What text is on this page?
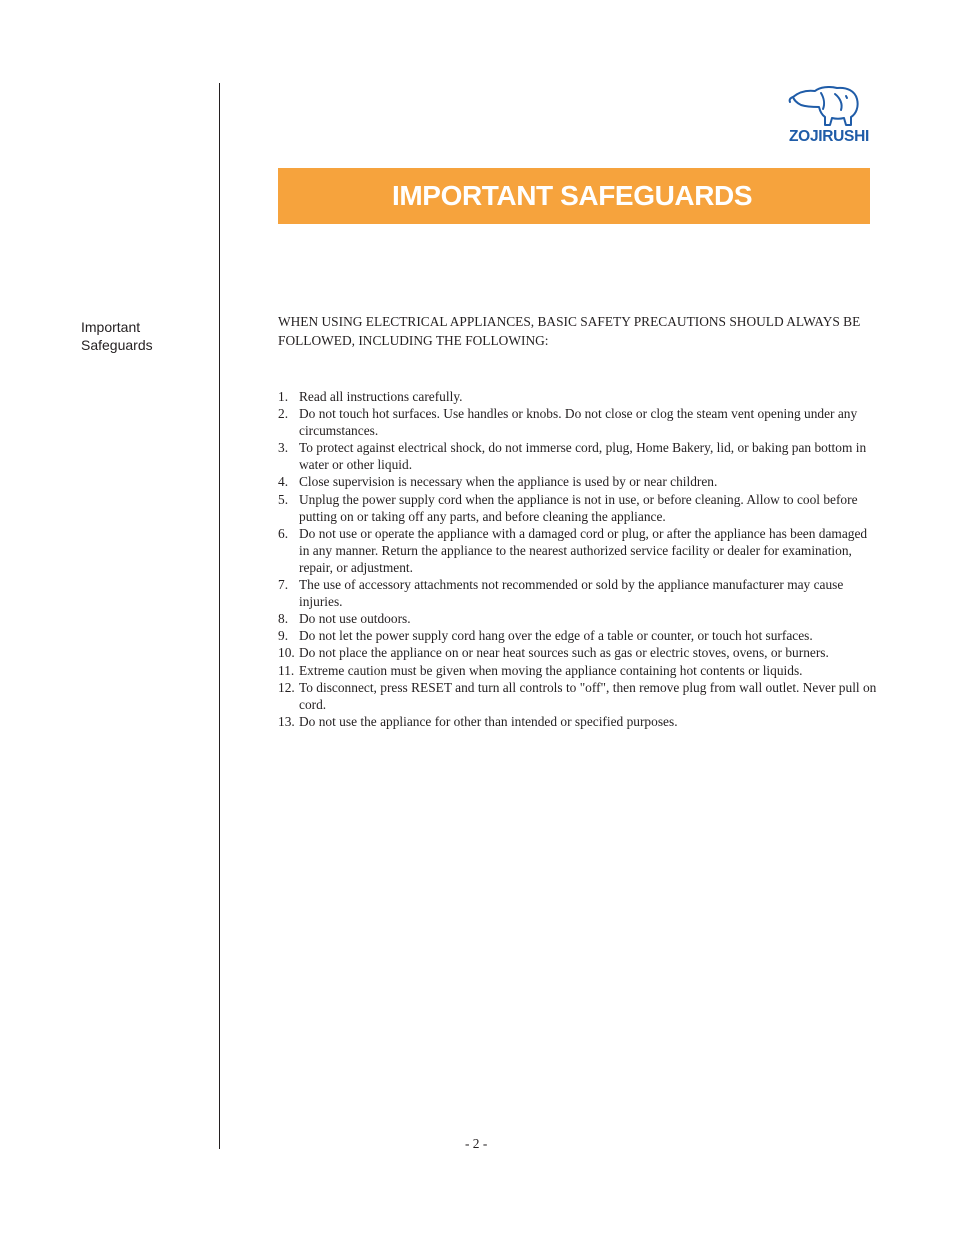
ZOJIRUSHI
IMPORTANT SAFEGUARDS
Important
Safeguards
WHEN USING ELECTRICAL APPLIANCES, BASIC SAFETY PRECAUTIONS SHOULD ALWAYS BE FOLLOWED, INCLUDING THE FOLLOWING:
1. Read all instructions carefully.
2. Do not touch hot surfaces. Use handles or knobs. Do not close or clog the steam vent opening under any circumstances.
3. To protect against electrical shock, do not immerse cord, plug, Home Bakery, lid, or baking pan bottom in water or other liquid.
4. Close supervision is necessary when the appliance is used by or near children.
5. Unplug the power supply cord when the appliance is not in use, or before cleaning. Allow to cool before putting on or taking off any parts, and before cleaning the appliance.
6. Do not use or operate the appliance with a damaged cord or plug, or after the appliance has been damaged in any manner. Return the appliance to the nearest authorized service facility or dealer for examination, repair, or adjustment.
7. The use of accessory attachments not recommended or sold by the appliance manufacturer may cause injuries.
8. Do not use outdoors.
9. Do not let the power supply cord hang over the edge of a table or counter, or touch hot surfaces.
10. Do not place the appliance on or near heat sources such as gas or electric stoves, ovens, or burners.
11. Extreme caution must be given when moving the appliance containing hot contents or liquids.
12. To disconnect, press RESET and turn all controls to "off", then remove plug from wall outlet. Never pull on cord.
13. Do not use the appliance for other than intended or specified purposes.
- 2 -
